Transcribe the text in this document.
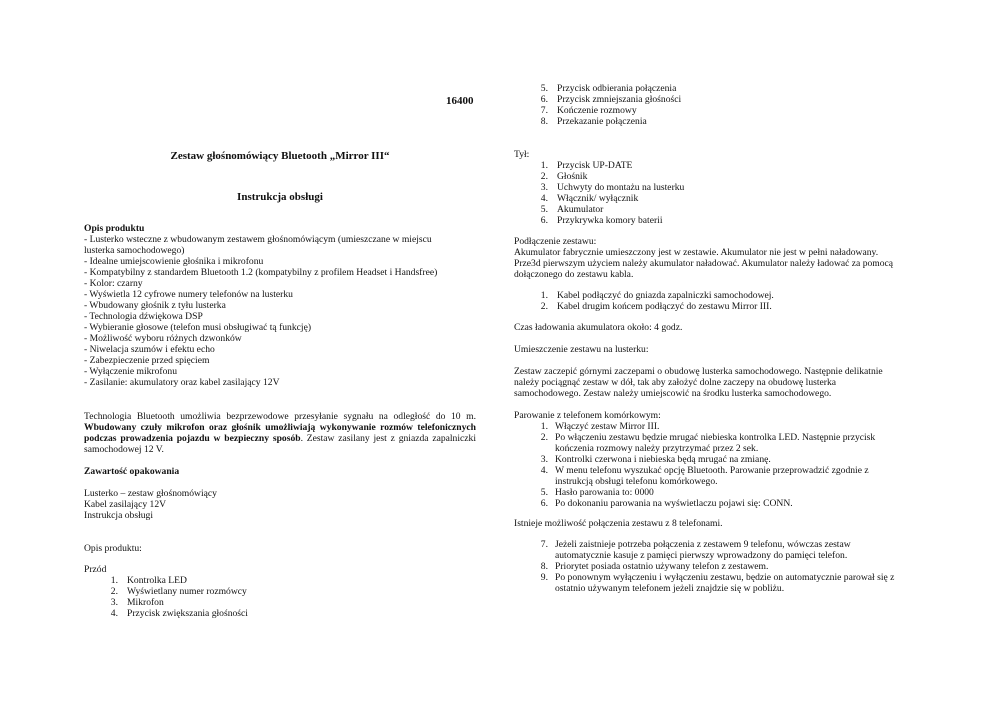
16400

Zestaw głośnomówiący Bluetooth „Mirror III“

Instrukcja obsługi

Opis produktu

- Lusterko wsteczne z wbudowanym zestawem głośnomówiącym (umieszczane w miejscu lusterka samochodowego)

- Idealne umiejscowienie głośnika i mikrofonu

- Kompatybilny z standardem Bluetooth 1.2 (kompatybilny z profilem Headset i Handsfree)

- Kolor: czarny

- Wyświetla 12 cyfrowe numery telefonów na lusterku

- Wbudowany głośnik z tyłu lusterka

- Technologia dźwiękowa DSP

- Wybieranie głosowe (telefon musi obsługiwać tą funkcję)

- Możliwość wyboru różnych dzwonków

- Niwelacja szumów i efektu echo

- Zabezpieczenie przed spięciem

- Wyłączenie mikrofonu

- Zasilanie: akumulatory oraz kabel zasilający 12V

Technologia Bluetooth umożliwia bezprzewodowe przesyłanie sygnału na odległość do 10 m. Wbudowany czuły mikrofon oraz głośnik umożliwiają wykonywanie rozmów telefonicznych podczas prowadzenia pojazdu w bezpieczny sposób. Zestaw zasilany jest z gniazda zapalniczki samochodowej 12 V.

Zawartość opakowania

Lusterko – zestaw głośnomówiący

Kabel zasilający 12V

Instrukcja obsługi

Opis produktu:

Przód

1. Kontrolka LED
2. Wyświetlany numer rozmówcy
3. Mikrofon
4. Przycisk zwiększania głośności
5. Przycisk odbierania połączenia
6. Przycisk zmniejszania głośności
7. Kończenie rozmowy
8. Przekazanie połączenia

Tył:

1. Przycisk UP-DATE
2. Głośnik
3. Uchwyty do montażu na lusterku
4. Włącznik/ wyłącznik
5. Akumulator
6. Przykrywka komory baterii

Podłączenie zestawu:

Akumulator fabrycznie umieszczony jest w zestawie. Akumulator nie jest w pełni naładowany. Prze3d pierwszym użyciem należy akumulator naładować. Akumulator należy ładować za pomocą dołączonego do zestawu kabla.

1. Kabel podłączyć do gniazda zapalniczki samochodowej.
2. Kabel drugim końcem podłączyć do zestawu Mirror III.

Czas ładowania akumulatora około: 4 godz.

Umieszczenie zestawu na lusterku:

Zestaw zaczepić górnymi zaczepami o obudowę lusterka samochodowego. Następnie delikatnie należy pociągnąć zestaw w dół, tak aby założyć dolne zaczepy na obudowę lusterka samochodowego. Zestaw należy umiejscowić na środku lusterka samochodowego.

Parowanie z telefonem komórkowym:

1. Włączyć zestaw Mirror III.
2. Po włączeniu zestawu będzie mrugać niebieska kontrolka LED. Następnie przycisk kończenia rozmowy należy przytrzymać przez 2 sek.
3. Kontrolki czerwona i niebieska będą mrugać na zmianę.
4. W menu telefonu wyszukać opcję Bluetooth. Parowanie przeprowadzić zgodnie z instrukcją obsługi telefonu komórkowego.
5. Hasło parowania to: 0000
6. Po dokonaniu parowania na wyświetlaczu pojawi się: CONN.

Istnieje możliwość połączenia zestawu z 8 telefonami.

7. Jeżeli zaistnieje potrzeba połączenia z zestawem 9 telefonu, wówczas zestaw automatycznie kasuje z pamięci pierwszy wprowadzony do pamięci telefon.
8. Priorytet posiada ostatnio używany telefon z zestawem.
9. Po ponownym wyłączeniu i wyłączeniu zestawu, będzie on automatycznie parował się z ostatnio używanym telefonem jeżeli znajdzie się w pobliżu.
